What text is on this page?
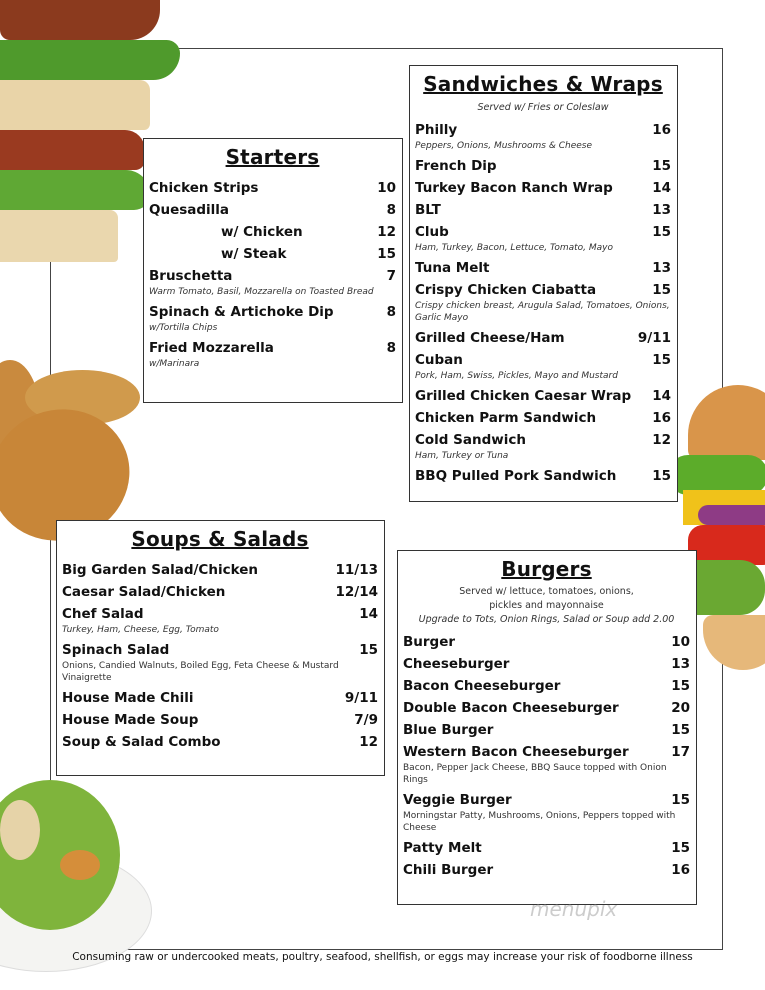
Starters
Chicken Strips	10
Quesadilla	8
w/ Chicken	12
w/ Steak	15
Bruschetta	7
Warm Tomato, Basil, Mozzarella on Toasted Bread
Spinach & Artichoke Dip	8
w/Tortilla Chips
Fried Mozzarella	8
w/Marinara
Sandwiches & Wraps
Served w/ Fries or Coleslaw
Philly	16
Peppers, Onions, Mushrooms & Cheese
French Dip	15
Turkey Bacon Ranch Wrap	14
BLT	13
Club	15
Ham, Turkey, Bacon, Lettuce, Tomato, Mayo
Tuna Melt	13
Crispy Chicken Ciabatta	15
Crispy chicken breast, Arugula Salad, Tomatoes, Onions, Garlic Mayo
Grilled Cheese/Ham	9/11
Cuban	15
Pork, Ham, Swiss, Pickles, Mayo and Mustard
Grilled Chicken Caesar Wrap 14
Chicken Parm Sandwich	16
Cold Sandwich	12
Ham, Turkey or Tuna
BBQ Pulled Pork Sandwich	15
Soups & Salads
Big Garden Salad/Chicken	11/13
Caesar Salad/Chicken	12/14
Chef Salad	14
Turkey, Ham, Cheese, Egg, Tomato
Spinach Salad	15
Onions, Candied Walnuts, Boiled Egg, Feta Cheese & Mustard Vinaigrette
House Made Chili	9/11
House Made Soup	7/9
Soup & Salad Combo	12
Burgers
Served w/ lettuce, tomatoes, onions,
pickles and mayonnaise
Upgrade to Tots, Onion Rings, Salad or Soup add 2.00
Burger	10
Cheeseburger	13
Bacon Cheeseburger	15
Double Bacon Cheeseburger	20
Blue Burger	15
Western Bacon Cheeseburger	17
Bacon, Pepper Jack Cheese, BBQ Sauce topped with Onion Rings
Veggie Burger	15
Morningstar Patty, Mushrooms, Onions, Peppers topped with Cheese
Patty Melt	15
Chili Burger	16
menupix
Consuming raw or undercooked meats, poultry, seafood, shellfish, or eggs may increase your risk of foodborne illness
